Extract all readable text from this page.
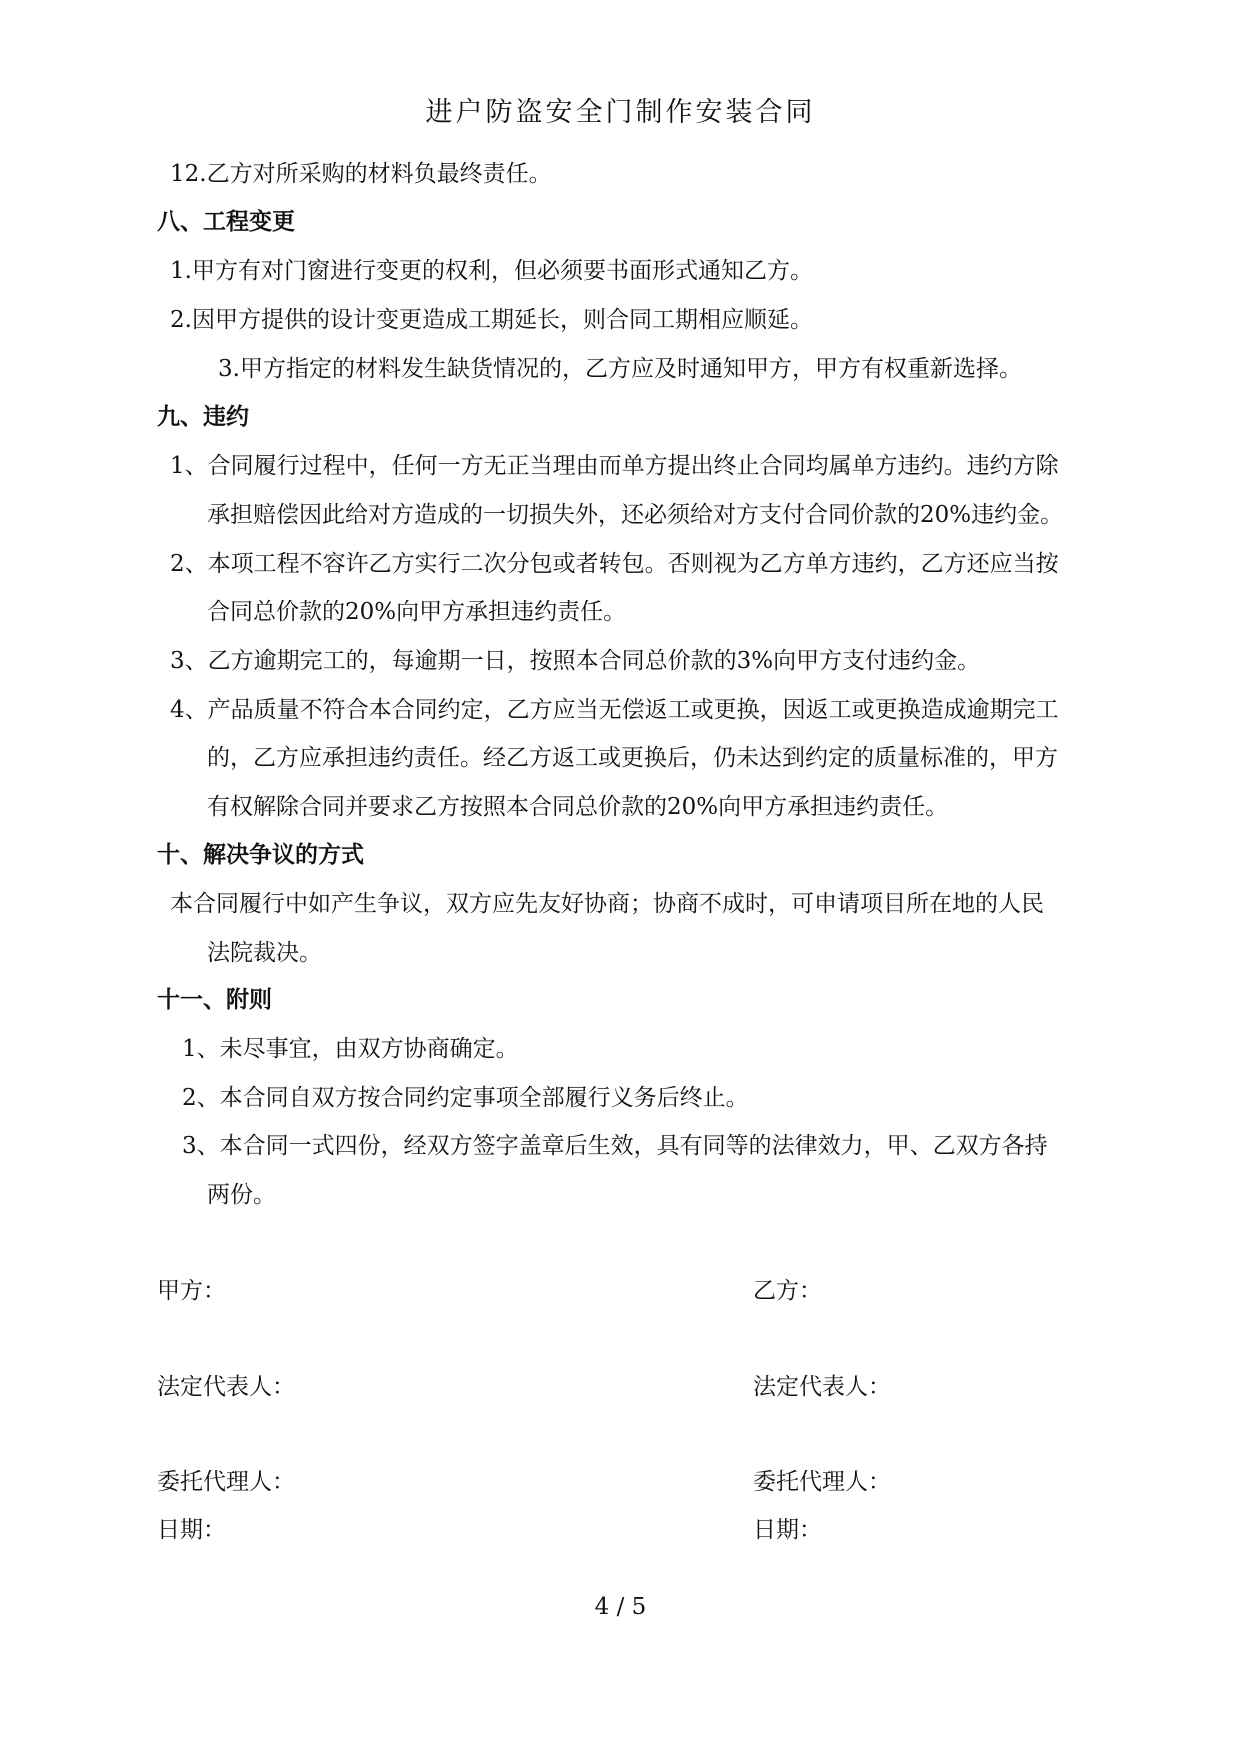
进户防盗安全门制作安装合同
12.乙方对所采购的材料负最终责任。
八、工程变更
1.甲方有对门窗进行变更的权利，但必须要书面形式通知乙方。
2.因甲方提供的设计变更造成工期延长，则合同工期相应顺延。
3.甲方指定的材料发生缺货情况的，乙方应及时通知甲方，甲方有权重新选择。
九、违约
1、合同履行过程中，任何一方无正当理由而单方提出终止合同均属单方违约。违约方除
承担赔偿因此给对方造成的一切损失外，还必须给对方支付合同价款的20%违约金。
2、本项工程不容许乙方实行二次分包或者转包。否则视为乙方单方违约，乙方还应当按
合同总价款的20%向甲方承担违约责任。
3、乙方逾期完工的，每逾期一日，按照本合同总价款的3%向甲方支付违约金。
4、产品质量不符合本合同约定，乙方应当无偿返工或更换，因返工或更换造成逾期完工
的，乙方应承担违约责任。经乙方返工或更换后，仍未达到约定的质量标准的，甲方
有权解除合同并要求乙方按照本合同总价款的20%向甲方承担违约责任。
十、解决争议的方式
本合同履行中如产生争议，双方应先友好协商；协商不成时，可申请项目所在地的人民
法院裁决。
十一、附则
1、未尽事宜，由双方协商确定。
2、本合同自双方按合同约定事项全部履行义务后终止。
3、本合同一式四份，经双方签字盖章后生效，具有同等的法律效力，甲、乙双方各持
两份。
甲方：	乙方：
法定代表人：	法定代表人：
委托代理人：	委托代理人：
日期：	日期：
4 / 5
